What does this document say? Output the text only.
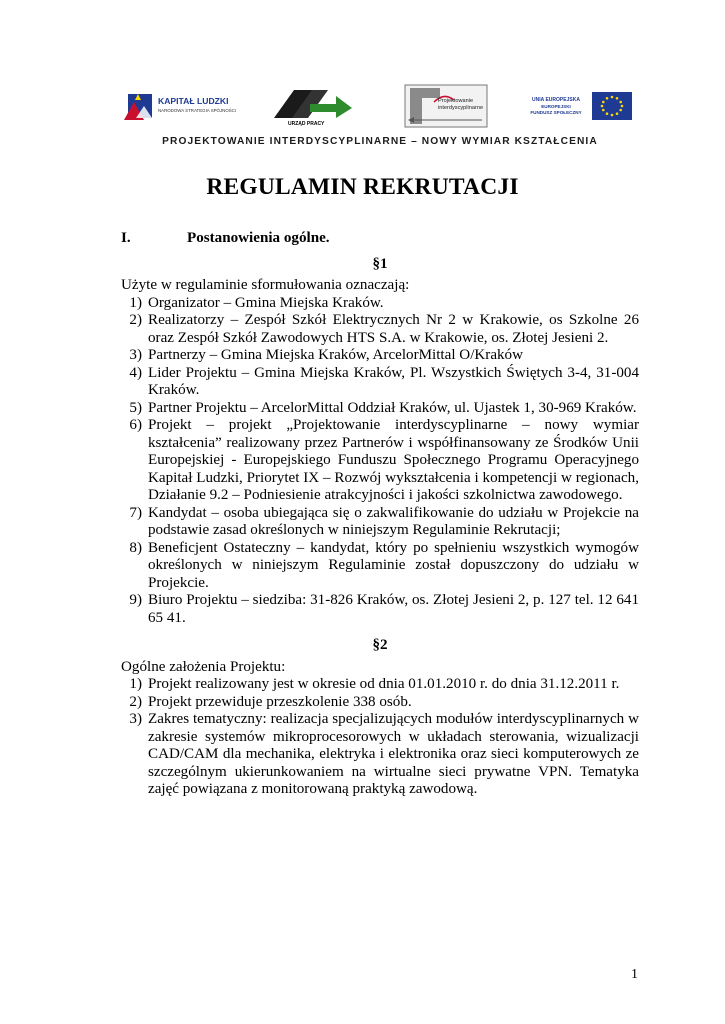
KAPITAŁ LUDZKI
NARODOWA STRATEGIA SPÓJNOŚCI
URZĄD PRACY
Projektowanie
interdyscyplinarne
UNIA EUROPEJSKA
EUROPEJSKI
FUNDUSZ SPOŁECZNY
PROJEKTOWANIE INTERDYSCYPLINARNE – NOWY WYMIAR KSZTAŁCENIA
REGULAMIN REKRUTACJI
I.	Postanowienia ogólne.

§1

Użyte w regulaminie sformułowania oznaczają:

1) Organizator – Gmina Miejska Kraków.
2) Realizatorzy – Zespół Szkół Elektrycznych Nr 2 w Krakowie, os Szkolne 26 oraz Zespół Szkół Zawodowych HTS S.A. w Krakowie, os. Złotej Jesieni 2.
3) Partnerzy – Gmina Miejska Kraków, ArcelorMittal O/Kraków
4) Lider Projektu – Gmina Miejska Kraków, Pl. Wszystkich Świętych 3-4, 31-004 Kraków.
5) Partner Projektu – ArcelorMittal Oddział Kraków, ul. Ujastek 1, 30-969 Kraków.
6) Projekt – projekt „Projektowanie interdyscyplinarne – nowy wymiar kształcenia” realizowany przez Partnerów i współfinansowany ze Środków Unii Europejskiej - Europejskiego Funduszu Społecznego Programu Operacyjnego Kapitał Ludzki, Priorytet IX – Rozwój wykształcenia i kompetencji w regionach, Działanie 9.2 – Podniesienie atrakcyjności i jakości szkolnictwa zawodowego.
7) Kandydat – osoba ubiegająca się o zakwalifikowanie do udziału w Projekcie na podstawie zasad określonych w niniejszym Regulaminie Rekrutacji;
8) Beneficjent Ostateczny – kandydat, który po spełnieniu wszystkich wymogów określonych w niniejszym Regulaminie został dopuszczony do udziału w Projekcie.
9) Biuro Projektu – siedziba: 31-826 Kraków, os. Złotej Jesieni 2, p. 127 tel. 12 641 65 41.

§2

Ogólne założenia Projektu:

1) Projekt realizowany jest w okresie od dnia 01.01.2010 r. do dnia 31.12.2011 r.
2) Projekt przewiduje przeszkolenie 338 osób.
3) Zakres tematyczny: realizacja specjalizujących modułów interdyscyplinarnych w zakresie systemów mikroprocesorowych w układach sterowania, wizualizacji CAD/CAM dla mechanika, elektryka i elektronika oraz sieci komputerowych ze szczególnym ukierunkowaniem na wirtualne sieci prywatne VPN. Tematyka zajęć powiązana z monitorowaną praktyką zawodową.
1
